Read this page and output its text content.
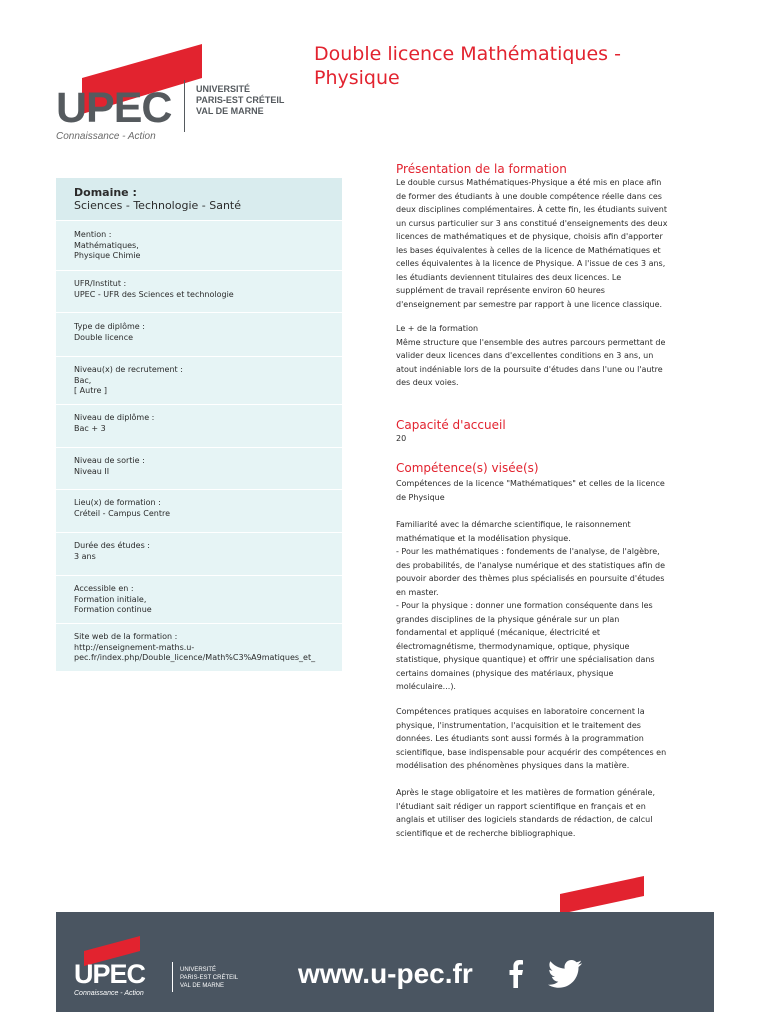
UPEC	UNIVERSITÉ
PARIS-EST CRÉTEIL
VAL DE MARNE
Connaissance - Action
Double licence Mathématiques - Physique
Domaine :
Sciences - Technologie - Santé
Mention :
Mathématiques,
Physique Chimie
UFR/Institut :
UPEC - UFR des Sciences et technologie
Type de diplôme :
Double licence
Niveau(x) de recrutement :
Bac,
[ Autre ]
Niveau de diplôme :
Bac + 3
Niveau de sortie :
Niveau II
Lieu(x) de formation :
Créteil - Campus Centre
Durée des études :
3 ans
Accessible en :
Formation initiale,
Formation continue
Site web de la formation :
http://enseignement-maths.u-
pec.fr/index.php/Double_licence/Math%C3%A9matiques_et_
Présentation de la formation
Le double cursus Mathématiques-Physique a été mis en place afin
de former des étudiants à une double compétence réelle dans ces
deux disciplines complémentaires. À cette fin, les étudiants suivent
un cursus particulier sur 3 ans constitué d'enseignements des deux
licences de mathématiques et de physique, choisis afin d'apporter
les bases équivalentes à celles de la licence de Mathématiques et
celles équivalentes à la licence de Physique. A l'issue de ces 3 ans,
les étudiants deviennent titulaires des deux licences. Le
supplément de travail représente environ 60 heures
d'enseignement par semestre par rapport à une licence classique.
Le + de la formation
Même structure que l'ensemble des autres parcours permettant de
valider deux licences dans d'excellentes conditions en 3 ans, un
atout indéniable lors de la poursuite d'études dans l'une ou l'autre
des deux voies.
Capacité d'accueil
20
Compétence(s) visée(s)
Compétences de la licence "Mathématiques" et celles de la licence
de Physique
Familiarité avec la démarche scientifique, le raisonnement
mathématique et la modélisation physique.
- Pour les mathématiques : fondements de l'analyse, de l'algèbre,
des probabilités, de l'analyse numérique et des statistiques afin de
pouvoir aborder des thèmes plus spécialisés en poursuite d'études
en master.
- Pour la physique : donner une formation conséquente dans les
grandes disciplines de la physique générale sur un plan
fondamental et appliqué (mécanique, électricité et
électromagnétisme, thermodynamique, optique, physique
statistique, physique quantique) et offrir une spécialisation dans
certains domaines (physique des matériaux, physique
moléculaire...).
Compétences pratiques acquises en laboratoire concernent la
physique, l'instrumentation, l'acquisition et le traitement des
données. Les étudiants sont aussi formés à la programmation
scientifique, base indispensable pour acquérir des compétences en
modélisation des phénomènes physiques dans la matière.
Après le stage obligatoire et les matières de formation générale,
l'étudiant sait rédiger un rapport scientifique en français et en
anglais et utiliser des logiciels standards de rédaction, de calcul
scientifique et de recherche bibliographique.
UPEC	UNIVERSITÉ
PARIS-EST CRÉTEIL
VAL DE MARNE
Connaissance - Action
www.u-pec.fr
